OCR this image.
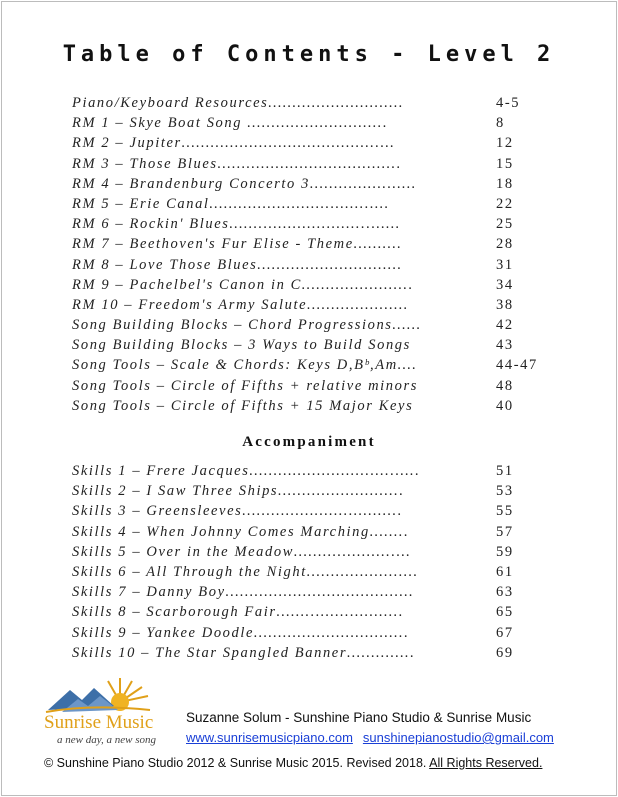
Table of Contents - Level 2
Piano/Keyboard Resources……………………….	4-5
RM 1 – Skye Boat Song ………………………..	8
RM 2 – Jupiter…………………………………..…	12
RM 3 – Those Blues………………………………..	15
RM 4 – Brandenburg Concerto 3…………….……	18
RM 5 – Erie Canal…………………….……..….	22
RM 6 – Rockin' Blues…….………….……...……	25
RM 7 – Beethoven's Fur Elise - Theme……….	28
RM 8 – Love Those Blues…………………………	31
RM 9 – Pachelbel's Canon in C…………………..	34
RM 10 – Freedom's Army Salute…………………	38
Song Building Blocks – Chord Progressions……	42
Song Building Blocks – 3 Ways to Build Songs	43
Song Tools – Scale & Chords: Keys D,Bᵇ,Am….	44-47
Song Tools – Circle of Fifths + relative minors	48
Song Tools – Circle of Fifths + 15 Major Keys	40
Accompaniment
Skills 1 – Frere Jacques…………………….…..…..	51
Skills 2 – I Saw Three Ships……………………..	53
Skills 3 – Greensleeves………………….………..	55
Skills 4 – When Johnny Comes Marching……..	57
Skills 5 – Over in the Meadow……….………..…	59
Skills 6 – All Through the Night……………….….	61
Skills 7 – Danny Boy…………………………………	63
Skills 8 – Scarborough Fair……..…….………..	65
Skills 9 – Yankee Doodle…………………………..	67
Skills 10 – The Star Spangled Banner…………..	69
Sunrise Music
a new day, a new song
Suzanne Solum - Sunshine Piano Studio & Sunrise Music
www.sunrisemusicpiano.com sunshinepianostudio@gmail.com
© Sunshine Piano Studio 2012 & Sunrise Music 2015. Revised 2018. All Rights Reserved.
